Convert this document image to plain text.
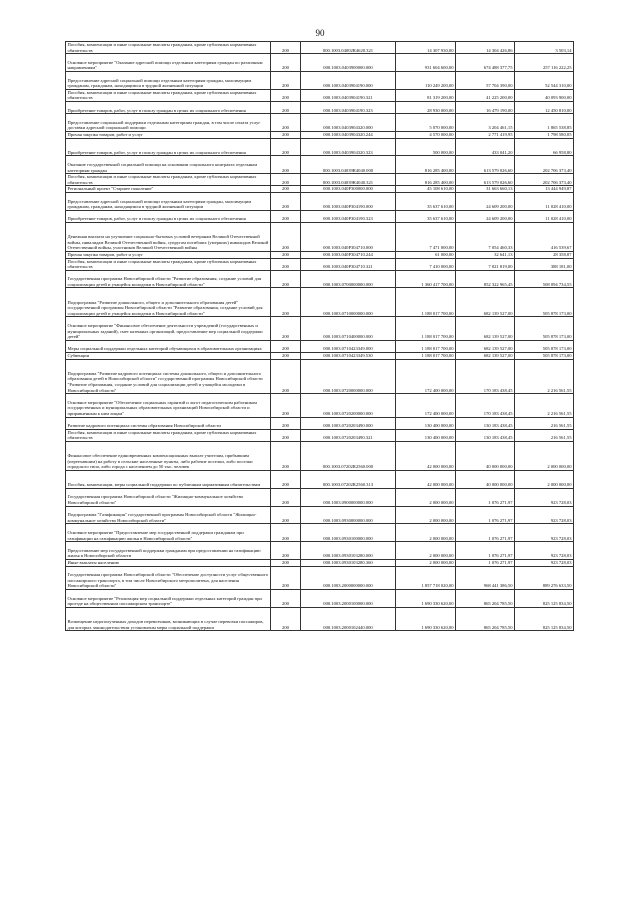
90
Пособия, компенсации и иные социальные выплаты гражданам, кроме публичных нормативных обязательств	200	000.1003.04002R4620.321	14 307 930,00	14 304 426,86	3 503,14
Основное мероприятие "Оказание адресной помощи отдельным категориям граждан по различным направлениям"	200	000.1003.0403900000.000	931 604 600,00	674 488 377,75	257 116 222,25
Предоставление адресной социальной помощи отдельным категориям граждан, малоимущим гражданам, гражданам, находящимся в трудной жизненной ситуации	200	000.1003.0403904190.000	110 249 200,00	57 704 390,00	52 544 310,00
Пособия, компенсации и иные социальные выплаты гражданам, кроме публичных нормативных обязательств	200	000.1003.0403904190.321	81 319 200,00	41 225 200,00	40 093 900,00
Приобретение товаров, работ, услуг в пользу граждан в целях их социального обеспечения	200	000.1003.0403904190.323	28 930 000,00	16 479 190,00	12 450 810,00
Предоставление социальной поддержки отдельным категориям граждан, в том числе оплата услуг доставки адресной социальной помощи	200	000.1003.0403904320.000	5 070 000,00	3 204 461,15	1 865 538,85
Прочая закупка товаров, работ и услуг	200	000.1003.0403904320.244	4 570 000,00	2 771 419,95	1 798 580,05
Приобретение товаров, работ, услуг в пользу граждан в целях их социального обеспечения	200	000.1003.0403904320.323	500 000,00	433 041,20	66 958,80
Оказание государственной социальной помощи на основании социального контракта отдельным категориям граждан	200	000.1003.04039R4040.000	816 285 400,00	613 579 026,60	202 706 373,40
Пособия, компенсации и иные социальные выплаты гражданам, кроме публичных нормативных обязательств	200	000.1003.04039R4040.321	816 285 400,00	613 579 026,60	202 706 373,40
Региональный проект "Старшее поколение"	200	000.1003.040P300000.000	45 108 610,00	31 663 660,13	13 444 949,87
Предоставление адресной социальной помощи отдельным категориям граждан, малоимущим гражданам, гражданам, находящимся в трудной жизненной ситуации	200	000.1003.040P304190.000	35 637 610,00	24 609 200,00	11 028 410,00
Приобретение товаров, работ, услуг в пользу граждан в целях их социального обеспечения	200	000.1003.040P304190.323	35 637 610,00	24 609 200,00	11 028 410,00
Денежная выплата на улучшение социально-бытовых условий ветеранам Великой Отечественной войны, инвалидам Великой Отечественной войны, супругам погибших (умерших) инвалидов Великой Отечественной войны, участников Великой Отечественной войны	200	000.1003.040P304710.000	7 471 000,00	7 054 460,33	416 539,67
Прочая закупка товаров, работ и услуг	200	000.1003.040P304710.244	61 000,00	32 641,13	28 358,87
Пособия, компенсации и иные социальные выплаты гражданам, кроме публичных нормативных обязательств	200	000.1003.040P304710.321	7 410 000,00	7 021 819,00	388 181,00
Государственная программа Новосибирской области "Развитие образования, создание условий для социализации детей и учащейся молодежи в Новосибирской области"	200	000.1003.0700000000.000	1 360 417 700,00	852 322 965,45	508 094 734,55
Подпрограмма "Развитие дошкольного, общего и дополнительного образования детей" государственной программы Новосибирской области "Развитие образования, создание условий для социализации детей и учащейся молодежи в Новосибирской области"	200	000.1003.0710000000.000	1 188 017 700,00	682 139 527,00	505 878 173,00
Основное мероприятие "Финансовое обеспечение деятельности учреждений (государственных и муниципальных заданий), смет казенных организаций, предоставление мер социальной поддержки детей"	200	000.1003.0710400000.000	1 188 017 700,00	682 139 527,00	505 878 173,00
Меры социальной поддержки отдельных категорий обучающихся в образовательных организациях	200	000.1003.0710423349.000	1 188 017 700,00	682 139 527,00	505 878 173,00
Субвенции	200	000.1003.0710423349.530	1 188 017 700,00	682 139 527,00	505 878 173,00
Подпрограмма "Развитие кадрового потенциала системы дошкольного, общего и дополнительного образования детей в Новосибирской области" государственной программы Новосибирской области "Развитие образования, создание условий для социализации детей и учащейся молодежи в Новосибирской области"	200	000.1003.0720000000.000	172 400 000,00	170 183 438,45	2 216 561,55
Основное мероприятие "Обеспечение социальных гарантий и льгот педагогическим работникам государственных и муниципальных образовательных организаций Новосибирской области и приравненным к ним лицам"	200	000.1003.0720200000.000	172 400 000,00	170 183 438,45	2 216 561,55
Развитие кадрового потенциала системы образования Новосибирской области	200	000.1003.0720203490.000	130 400 000,00	130 183 438,45	216 561,55
Пособия, компенсации и иные социальные выплаты гражданам, кроме публичных нормативных обязательств	200	000.1003.0720203490.321	130 400 000,00	130 183 438,45	216 561,55
Финансовое обеспечение единовременных компенсационных выплат учителям, прибывшим (переехавшим) на работу в сельские населенные пункты, либо рабочие поселки, либо поселки городского типа, либо города с населением до 50 тыс. человек	200	000.1003.07202R2560.000	42 000 000,00	40 000 000,00	2 000 000,00
Пособия, компенсации, меры социальной поддержки по публичным нормативным обязательствам	200	000.1003.07202R2560.313	42 000 000,00	40 000 000,00	2 000 000,00
Государственная программа Новосибирской области "Жилищно-коммунальное хозяйство Новосибирской области"	200	000.1003.0900000000.000	2 000 000,00	1 076 271,97	923 728,03
Подпрограмма "Газификация" государственной программы Новосибирской области "Жилищно-коммунальное хозяйство Новосибирской области"	200	000.1003.0930000000.000	2 000 000,00	1 076 271,97	923 728,03
Основное мероприятие "Предоставление мер государственной поддержки гражданам при газификации на газификацию жилья в Новосибирской области"	200	000.1003.0930100000.000	2 000 000,00	1 076 271,97	923 728,03
Предоставление мер государственной поддержки гражданам при предоставлении на газификацию жилья в Новосибирской области	200	000.1003.0930103280.000	2 000 000,00	1 076 271,97	923 728,03
Иные выплаты населению	200	000.1003.0930103280.360	2 000 000,00	1 076 271,97	923 728,03
Государственная программа Новосибирской области "Обеспечение доступности услуг общественного пассажирского транспорта, в том числе Новосибирского метрополитена, для населения Новосибирской области"	200	000.1003.2000000000.000	1 857 718 020,00	968 441 386,50	889 276 633,50
Основное мероприятие "Реализация мер социальной поддержки отдельных категорий граждан при проезде на общественном пассажирском транспорте"	200	000.1003.2000100000.000	1 690 330 620,00	865 204 785,50	825 125 834,50
Возмещение недополученных доходов перевозчиков, возникающих в случае перевозки пассажиров, для которых законодательством установлены меры социальной поддержки	200	000.1003.2000102440.000	1 690 330 620,00	865 204 785,50	825 125 834,50
